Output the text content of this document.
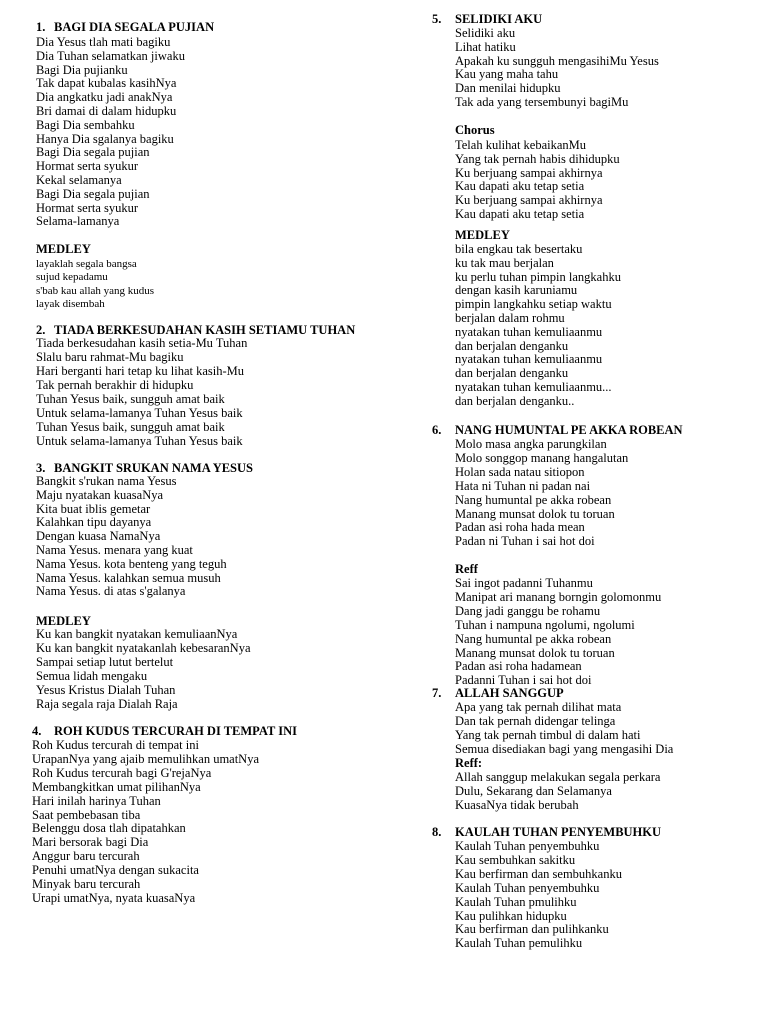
1. BAGI DIA SEGALA PUJIAN
Dia Yesus tlah mati bagiku
Dia Tuhan selamatkan jiwaku
Bagi Dia pujianku
Tak dapat kubalas kasihNya
Dia angkatku jadi anakNya
Bri damai di dalam hidupku
Bagi Dia sembahku
Hanya Dia sgalanya bagiku
Bagi Dia segala pujian
Hormat serta syukur
Kekal selamanya
Bagi Dia segala pujian
Hormat serta syukur
Selama-lamanya
MEDLEY
layaklah segala bangsa
sujud kepadamu
s'bab kau allah yang kudus
layak disembah
2. TIADA BERKESUDAHAN KASIH SETIAMU TUHAN
Tiada berkesudahan kasih setia-Mu Tuhan
Slalu baru rahmat-Mu bagiku
Hari berganti hari tetap ku lihat kasih-Mu
Tak pernah berakhir di hidupku
Tuhan Yesus baik, sungguh amat baik
Untuk selama-lamanya Tuhan Yesus baik
Tuhan Yesus baik, sungguh amat baik
Untuk selama-lamanya Tuhan Yesus baik
3. BANGKIT SRUKAN NAMA YESUS
Bangkit s'rukan nama Yesus
Maju nyatakan kuasaNya
Kita buat iblis gemetar
Kalahkan tipu dayanya
Dengan kuasa NamaNya
Nama Yesus. menara yang kuat
Nama Yesus. kota benteng yang teguh
Nama Yesus. kalahkan semua musuh
Nama Yesus. di atas s'galanya
MEDLEY
Ku kan bangkit nyatakan kemuliaanNya
Ku kan bangkit nyatakanlah kebesaranNya
Sampai setiap lutut bertelut
Semua lidah mengaku
Yesus Kristus Dialah Tuhan
Raja segala raja Dialah Raja
4. ROH KUDUS TERCURAH DI TEMPAT INI
Roh Kudus tercurah di tempat ini
UrapanNya yang ajaib memulihkan umatNya
Roh Kudus tercurah bagi G'rejaNya
Membangkitkan umat pilihanNya
Hari inilah harinya Tuhan
Saat pembebasan tiba
Belenggu dosa tlah dipatahkan
Mari bersorak bagi Dia
Anggur baru tercurah
Penuhi umatNya dengan sukacita
Minyak baru tercurah
Urapi umatNya, nyata kuasaNya
5. SELIDIKI AKU
Selidiki aku
Lihat hatiku
Apakah ku sungguh mengasihiMu Yesus
Kau yang maha tahu
Dan menilai hidupku
Tak ada yang tersembunyi bagiMu
Chorus
Telah kulihat kebaikanMu
Yang tak pernah habis dihidupku
Ku berjuang sampai akhirnya
Kau dapati aku tetap setia
Ku berjuang sampai akhirnya
Kau dapati aku tetap setia
MEDLEY
bila engkau tak besertaku
ku tak mau berjalan
ku perlu tuhan pimpin langkahku
dengan kasih karuniamu
pimpin langkahku setiap waktu
berjalan dalam rohmu
nyatakan tuhan kemuliaanmu
dan berjalan denganku
nyatakan tuhan kemuliaanmu
dan berjalan denganku
nyatakan tuhan kemuliaanmu...
dan berjalan denganku..
6. NANG HUMUNTAL PE AKKA ROBEAN
Molo masa angka parungkilan
Molo songgop manang hangalutan
Holan sada natau sitiopon
Hata ni Tuhan ni padan nai
Nang humuntal pe akka robean
Manang munsat dolok tu toruan
Padan asi roha hada mean
Padan ni Tuhan i sai hot doi
Reff
Sai ingot padanni Tuhanmu
Manipat ari manang borngin golomonmu
Dang jadi ganggu be rohamu
Tuhan i nampuna ngolumi, ngolumi
Nang humuntal pe akka robean
Manang munsat dolok tu toruan
Padan asi roha hadamean
Padanni Tuhan i sai hot doi
7. ALLAH SANGGUP
Apa yang tak pernah dilihat mata
Dan tak pernah didengar telinga
Yang tak pernah timbul di dalam hati
Semua disediakan bagi yang mengasihi Dia
Reff:
Allah sanggup melakukan segala perkara
Dulu, Sekarang dan Selamanya
KuasaNya tidak berubah
8. KAULAH TUHAN PENYEMBUHKU
Kaulah Tuhan penyembuhku
Kau sembuhkan sakitku
Kau berfirman dan sembuhkanku
Kaulah Tuhan penyembuhku
Kaulah Tuhan pmulihku
Kau pulihkan hidupku
Kau berfirman dan pulihkanku
Kaulah Tuhan pemulihku
